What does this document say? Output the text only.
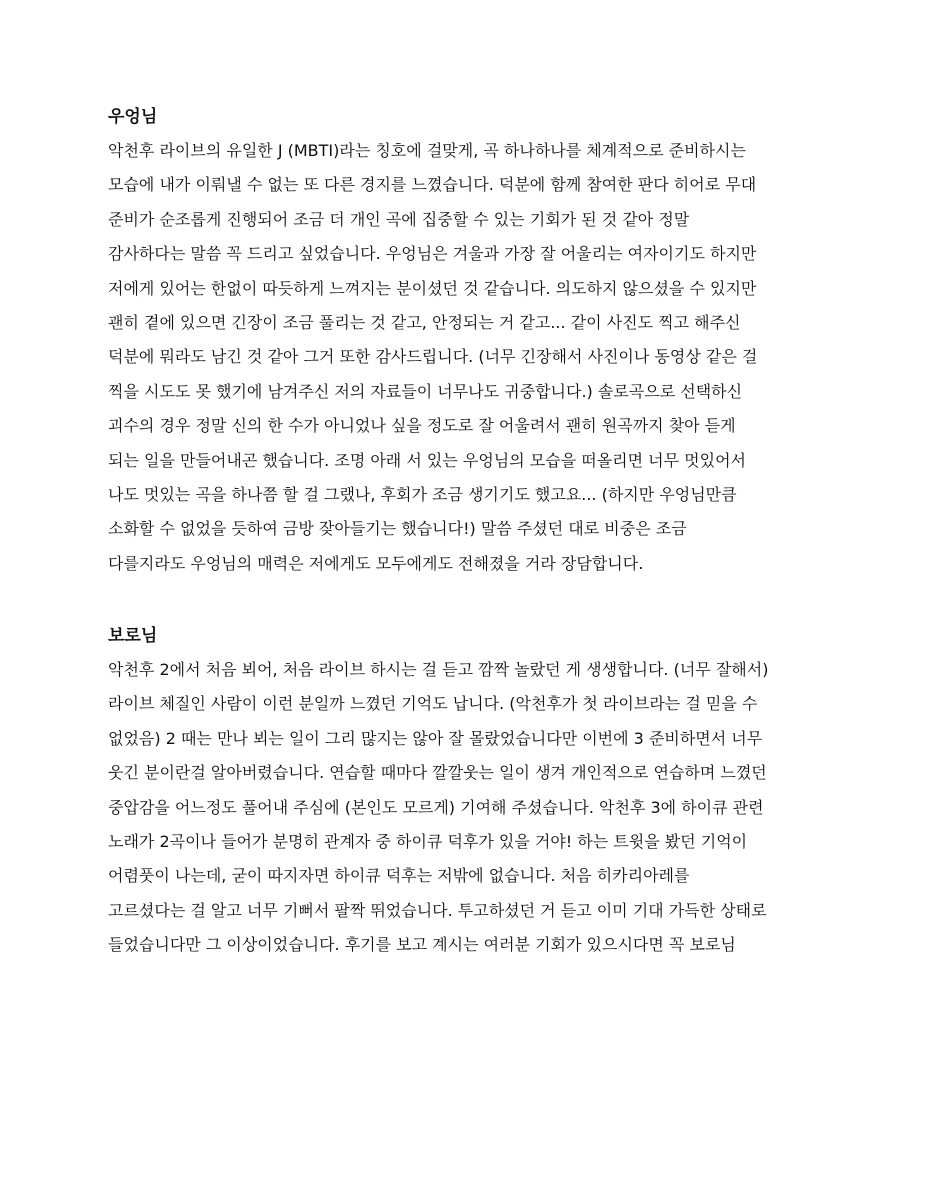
우엉님

악천후 라이브의 유일한 J (MBTI)라는 칭호에 걸맞게, 곡 하나하나를 체계적으로 준비하시는

모습에 내가 이뤄낼 수 없는 또 다른 경지를 느꼈습니다. 덕분에 함께 참여한 판다 히어로 무대

준비가 순조롭게 진행되어 조금 더 개인 곡에 집중할 수 있는 기회가 된 것 같아 정말

감사하다는 말씀 꼭 드리고 싶었습니다. 우엉님은 겨울과 가장 잘 어울리는 여자이기도 하지만

저에게 있어는 한없이 따듯하게 느껴지는 분이셨던 것 같습니다. 의도하지 않으셨을 수 있지만

괜히 곁에 있으면 긴장이 조금 풀리는 것 같고, 안정되는 거 같고... 같이 사진도 찍고 해주신

덕분에 뭐라도 남긴 것 같아 그거 또한 감사드립니다. (너무 긴장해서 사진이나 동영상 같은 걸

찍을 시도도 못 했기에 남겨주신 저의 자료들이 너무나도 귀중합니다.) 솔로곡으로 선택하신

괴수의 경우 정말 신의 한 수가 아니었나 싶을 정도로 잘 어울려서 괜히 원곡까지 찾아 듣게

되는 일을 만들어내곤 했습니다. 조명 아래 서 있는 우엉님의 모습을 떠올리면 너무 멋있어서

나도 멋있는 곡을 하나쯤 할 걸 그랬나, 후회가 조금 생기기도 했고요... (하지만 우엉님만큼

소화할 수 없었을 듯하여 금방 잦아들기는 했습니다!) 말씀 주셨던 대로 비중은 조금

다를지라도 우엉님의 매력은 저에게도 모두에게도 전해졌을 거라 장담합니다.

보로님

악천후 2에서 처음 뵈어, 처음 라이브 하시는 걸 듣고 깜짝 놀랐던 게 생생합니다. (너무 잘해서)

라이브 체질인 사람이 이런 분일까 느꼈던 기억도 납니다. (악천후가 첫 라이브라는 걸 믿을 수

없었음) 2 때는 만나 뵈는 일이 그리 많지는 않아 잘 몰랐었습니다만 이번에 3 준비하면서 너무

웃긴 분이란걸 알아버렸습니다. 연습할 때마다 깔깔웃는 일이 생겨 개인적으로 연습하며 느꼈던

중압감을 어느정도 풀어내 주심에 (본인도 모르게) 기여해 주셨습니다. 악천후 3에 하이큐 관련

노래가 2곡이나 들어가 분명히 관계자 중 하이큐 덕후가 있을 거야! 하는 트윗을 봤던 기억이

어렴풋이 나는데, 굳이 따지자면 하이큐 덕후는 저밖에 없습니다. 처음 히카리아레를

고르셨다는 걸 알고 너무 기뻐서 팔짝 뛰었습니다. 투고하셨던 거 듣고 이미 기대 가득한 상태로

들었습니다만 그 이상이었습니다. 후기를 보고 계시는 여러분 기회가 있으시다면 꼭 보로님
